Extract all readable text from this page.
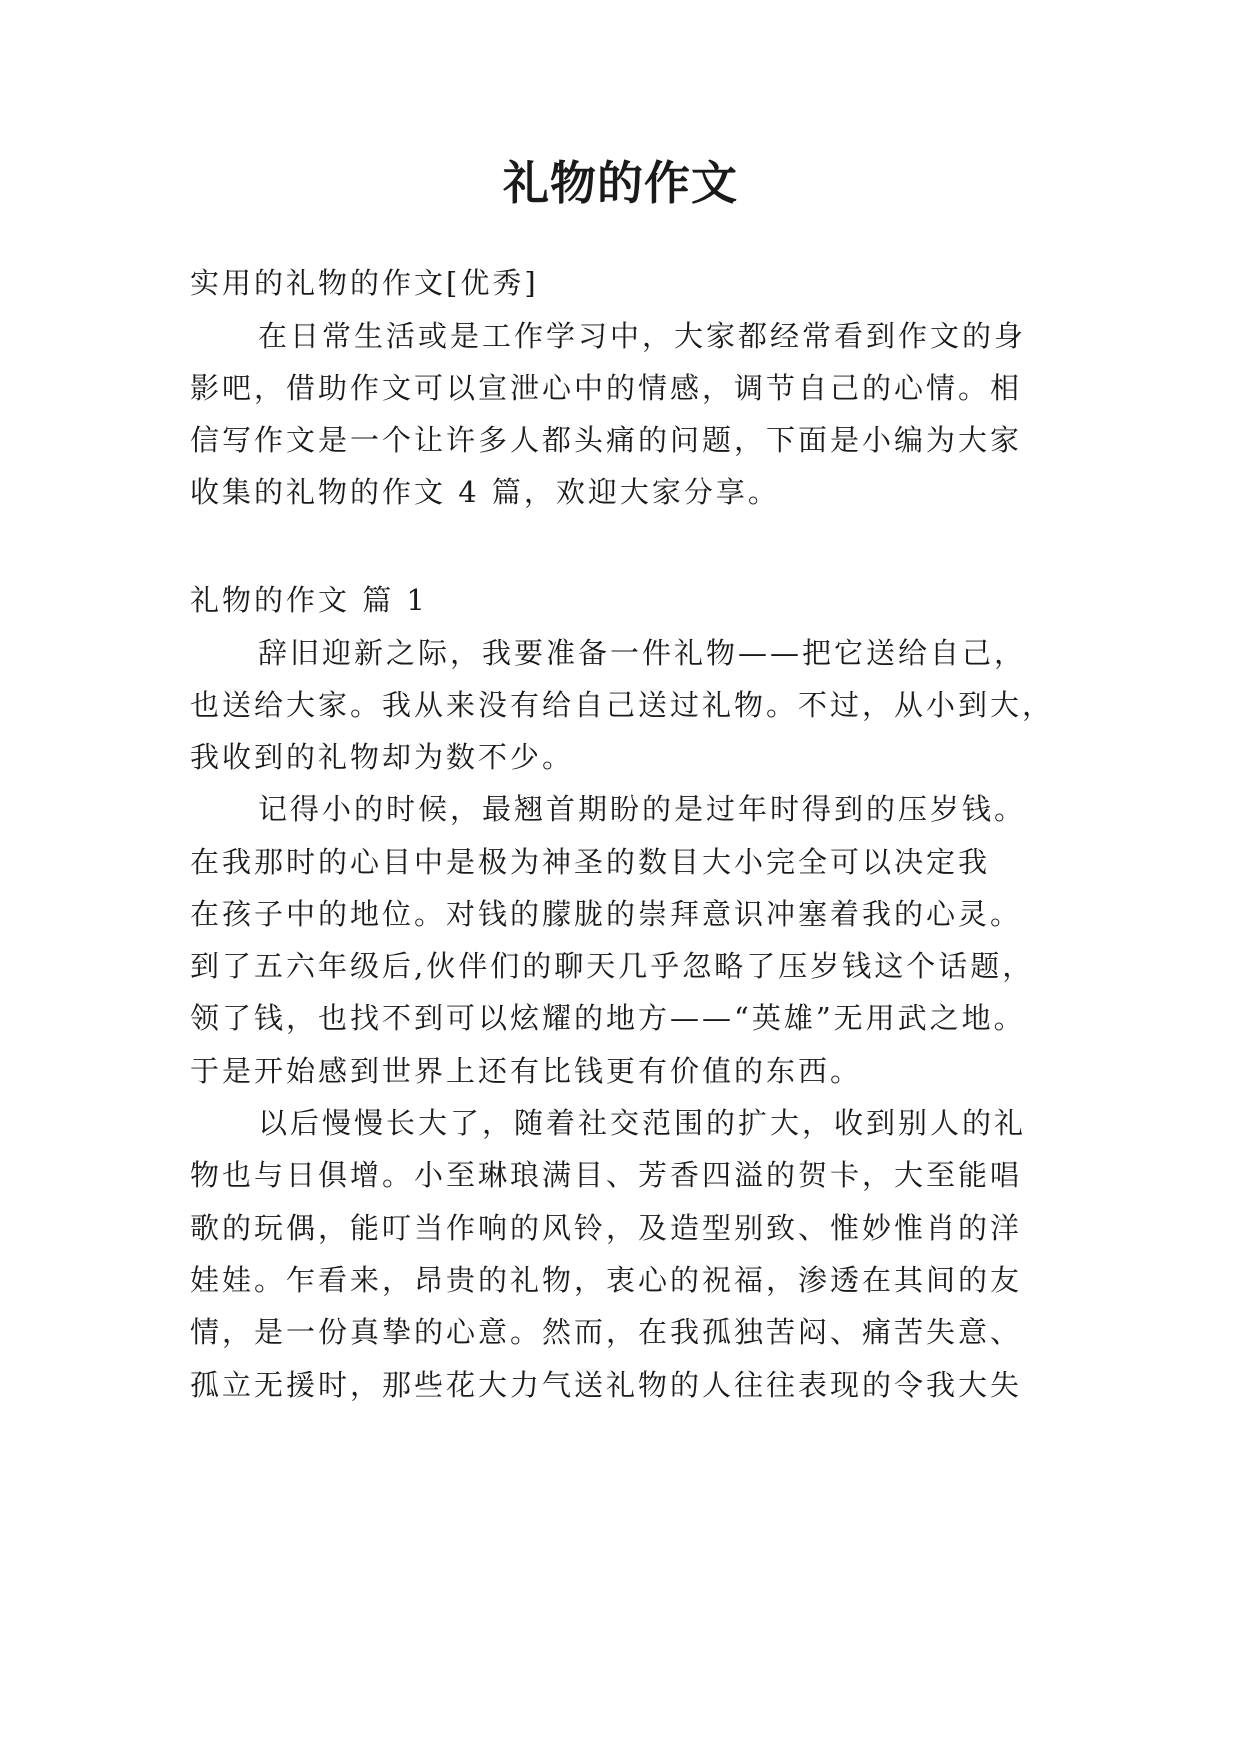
礼物的作文
实用的礼物的作文[优秀]
在日常生活或是工作学习中，大家都经常看到作文的身
影吧，借助作文可以宣泄心中的情感，调节自己的心情。相
信写作文是一个让许多人都头痛的问题，下面是小编为大家
收集的礼物的作文 4 篇，欢迎大家分享。
礼物的作文 篇 1
辞旧迎新之际，我要准备一件礼物——把它送给自己，
也送给大家。我从来没有给自己送过礼物。不过，从小到大，
我收到的礼物却为数不少。
记得小的时候，最翘首期盼的是过年时得到的压岁钱。
在我那时的心目中是极为神圣的数目大小完全可以决定我
在孩子中的地位。对钱的朦胧的崇拜意识冲塞着我的心灵。
到了五六年级后,伙伴们的聊天几乎忽略了压岁钱这个话题，
领了钱，也找不到可以炫耀的地方——“英雄”无用武之地。
于是开始感到世界上还有比钱更有价值的东西。
以后慢慢长大了，随着社交范围的扩大，收到别人的礼
物也与日俱增。小至琳琅满目、芳香四溢的贺卡，大至能唱
歌的玩偶，能叮当作响的风铃，及造型别致、惟妙惟肖的洋
娃娃。乍看来，昂贵的礼物，衷心的祝福，渗透在其间的友
情，是一份真挚的心意。然而，在我孤独苦闷、痛苦失意、
孤立无援时，那些花大力气送礼物的人往往表现的令我大失
